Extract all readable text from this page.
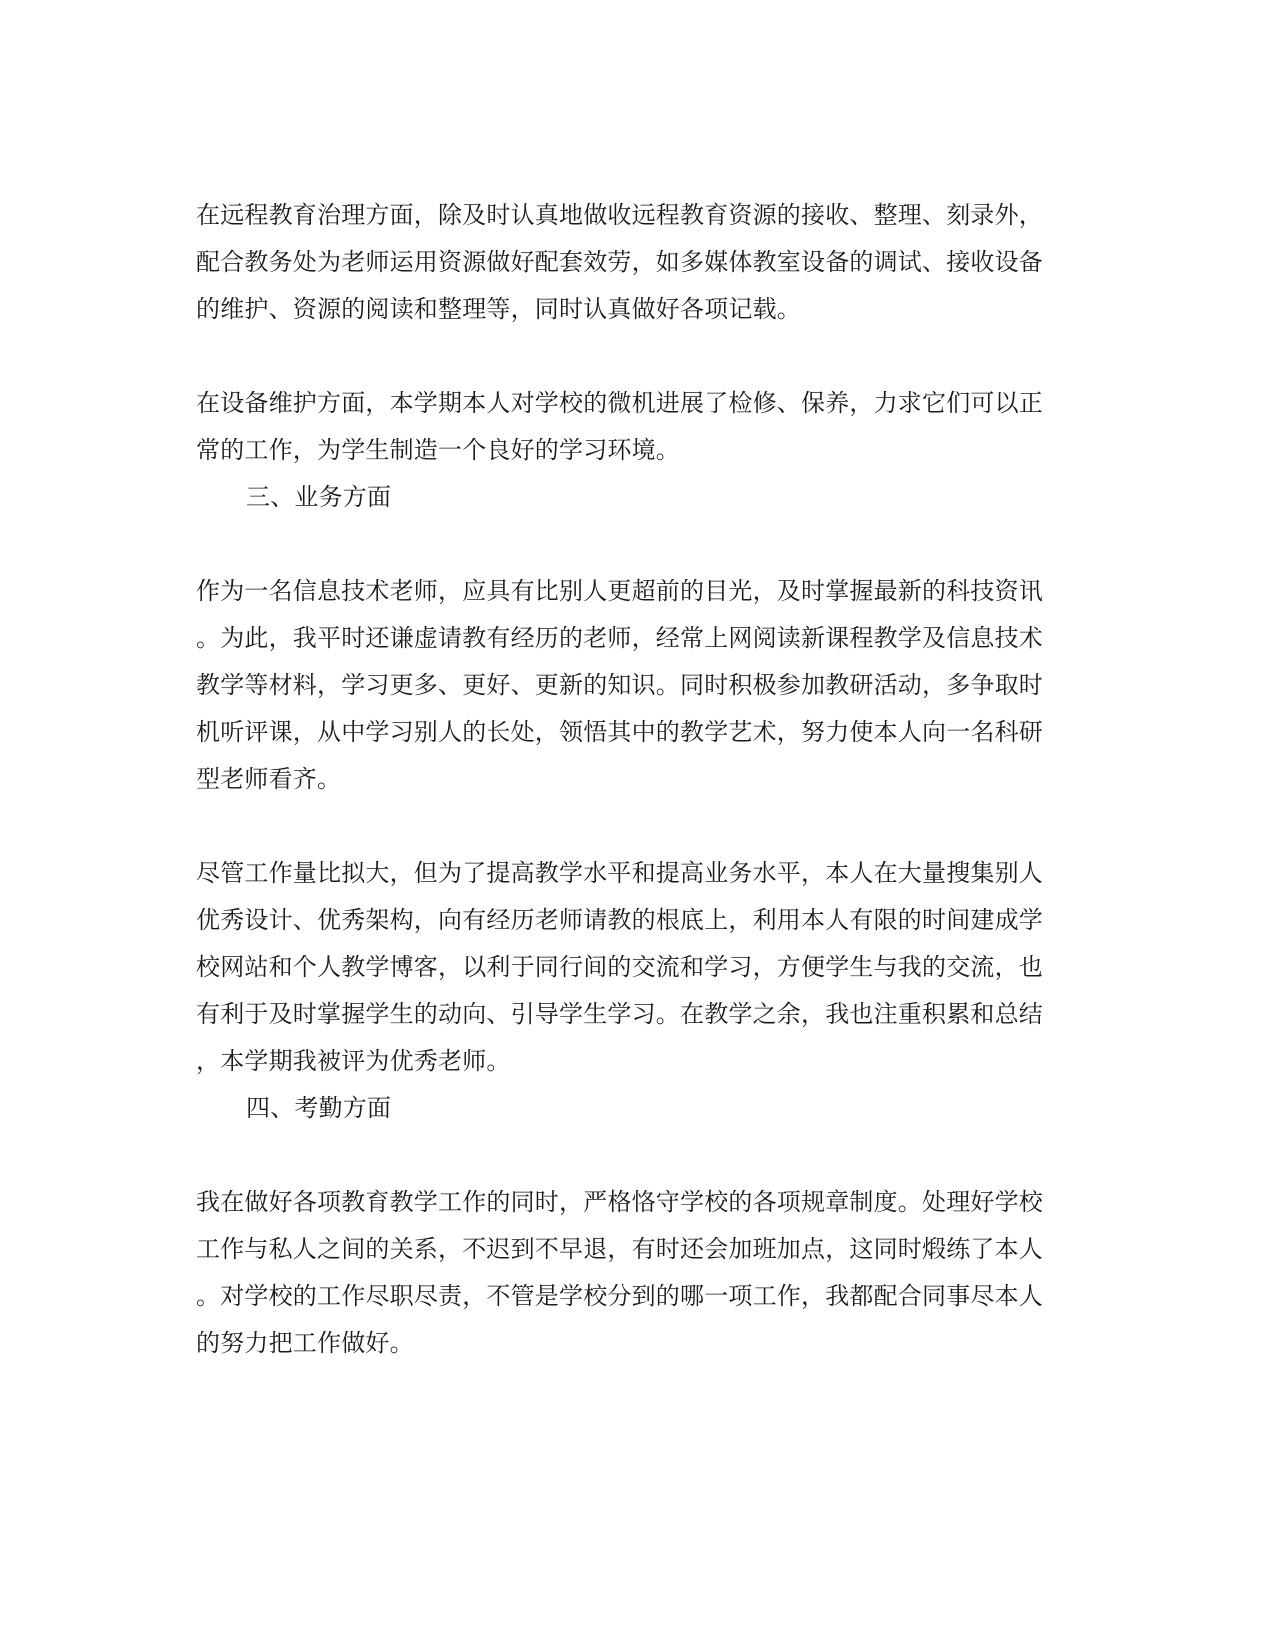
在远程教育治理方面，除及时认真地做收远程教育资源的接收、整理、刻录外，
配合教务处为老师运用资源做好配套效劳，如多媒体教室设备的调试、接收设备
的维护、资源的阅读和整理等，同时认真做好各项记载。
在设备维护方面，本学期本人对学校的微机进展了检修、保养，力求它们可以正
常的工作，为学生制造一个良好的学习环境。
三、业务方面
作为一名信息技术老师，应具有比别人更超前的目光，及时掌握最新的科技资讯
。为此，我平时还谦虚请教有经历的老师，经常上网阅读新课程教学及信息技术
教学等材料，学习更多、更好、更新的知识。同时积极参加教研活动，多争取时
机听评课，从中学习别人的长处，领悟其中的教学艺术，努力使本人向一名科研
型老师看齐。
尽管工作量比拟大，但为了提高教学水平和提高业务水平，本人在大量搜集别人
优秀设计、优秀架构，向有经历老师请教的根底上，利用本人有限的时间建成学
校网站和个人教学博客，以利于同行间的交流和学习，方便学生与我的交流，也
有利于及时掌握学生的动向、引导学生学习。在教学之余，我也注重积累和总结
，本学期我被评为优秀老师。
四、考勤方面
我在做好各项教育教学工作的同时，严格恪守学校的各项规章制度。处理好学校
工作与私人之间的关系，不迟到不早退，有时还会加班加点，这同时煅练了本人
。对学校的工作尽职尽责，不管是学校分到的哪一项工作，我都配合同事尽本人
的努力把工作做好。
